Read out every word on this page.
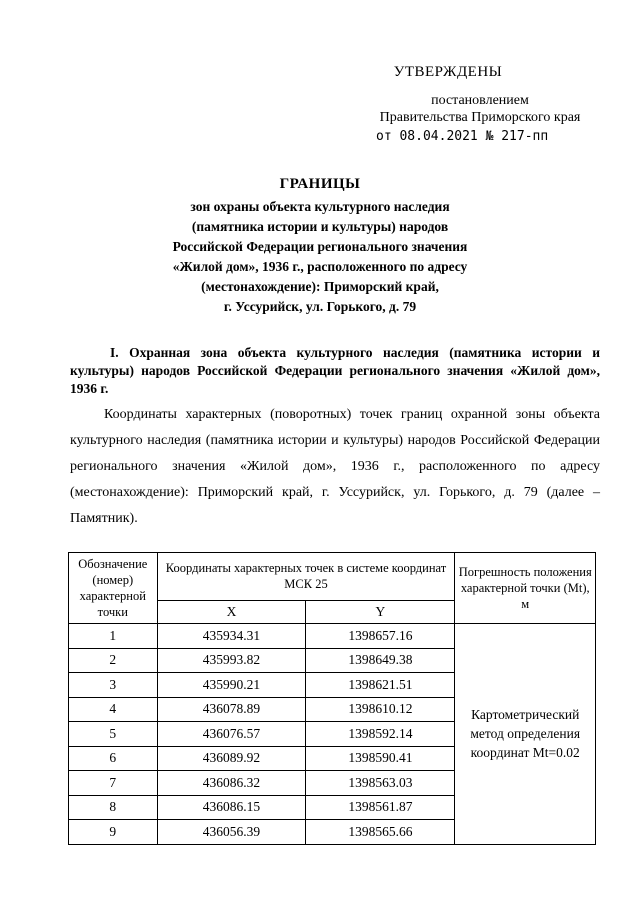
УТВЕРЖДЕНЫ
постановлением
Правительства Приморского края
от 08.04.2021 № 217-пп
ГРАНИЦЫ
зон охраны объекта культурного наследия
(памятника истории и культуры) народов
Российской Федерации регионального значения
«Жилой дом», 1936 г., расположенного по адресу
(местонахождение): Приморский край,
г. Уссурийск, ул. Горького, д. 79
I. Охранная зона объекта культурного наследия (памятника истории и культуры) народов Российской Федерации регионального значения «Жилой дом», 1936 г.

Координаты характерных (поворотных) точек границ охранной зоны объекта культурного наследия (памятника истории и культуры) народов Российской Федерации регионального значения «Жилой дом», 1936 г., расположенного по адресу (местонахождение): Приморский край, г. Уссурийск, ул. Горького, д. 79 (далее – Памятник).

Обозначение (номер) характерной точки	Координаты характерных точек в системе координат МСК 25		Погрешность положения характерной точки (Mt), м
	X	Y	
1	435934.31	1398657.16	Картометрический метод определения координат Mt=0.02

2	435993.82	1398649.38	
3	435990.21	1398621.51	
4	436078.89	1398610.12	
5	436076.57	1398592.14	
6	436089.92	1398590.41	
7	436086.32	1398563.03	
8	436086.15	1398561.87	
9	436056.39	1398565.66	
